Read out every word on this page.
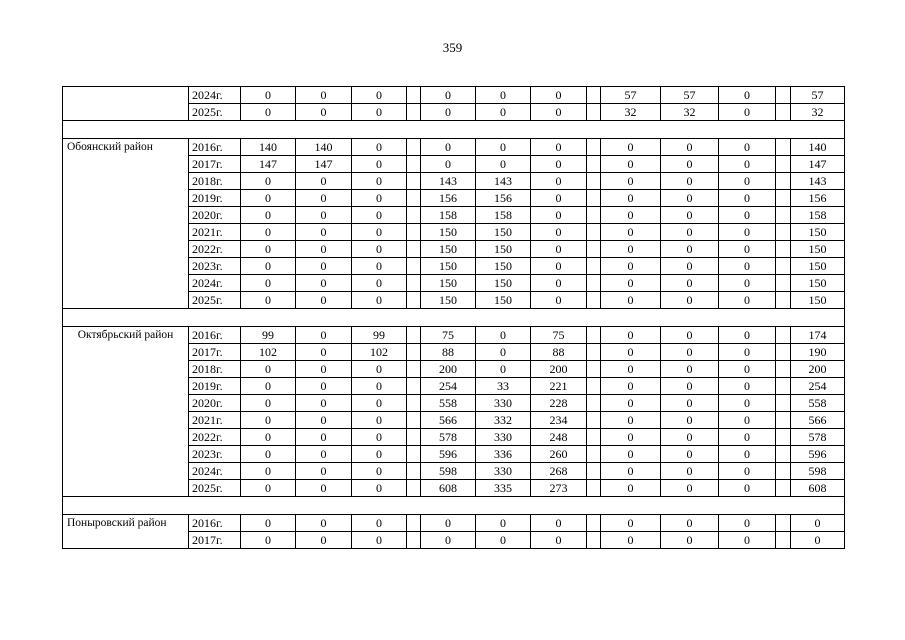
359
	2024г.	0	0	0		0	0	0		57	57	0		57
	2025г.	0	0	0		0	0	0		32	32	0		32

Обоянский район	2016г.	140	140	0		0	0	0		0	0	0		140
	2017г.	147	147	0		0	0	0		0	0	0		147
	2018г.	0	0	0		143	143	0		0	0	0		143
	2019г.	0	0	0		156	156	0		0	0	0		156
	2020г.	0	0	0		158	158	0		0	0	0		158
	2021г.	0	0	0		150	150	0		0	0	0		150
	2022г.	0	0	0		150	150	0		0	0	0		150
	2023г.	0	0	0		150	150	0		0	0	0		150
	2024г.	0	0	0		150	150	0		0	0	0		150
	2025г.	0	0	0		150	150	0		0	0	0		150

Октябрьский район	2016г.	99	0	99		75	0	75		0	0	0		174
	2017г.	102	0	102		88	0	88		0	0	0		190
	2018г.	0	0	0		200	0	200		0	0	0		200
	2019г.	0	0	0		254	33	221		0	0	0		254
	2020г.	0	0	0		558	330	228		0	0	0		558
	2021г.	0	0	0		566	332	234		0	0	0		566
	2022г.	0	0	0		578	330	248		0	0	0		578
	2023г.	0	0	0		596	336	260		0	0	0		596
	2024г.	0	0	0		598	330	268		0	0	0		598
	2025г.	0	0	0		608	335	273		0	0	0		608

Поныровский район	2016г.	0	0	0		0	0	0		0	0	0		0
	2017г.	0	0	0		0	0	0		0	0	0		0
